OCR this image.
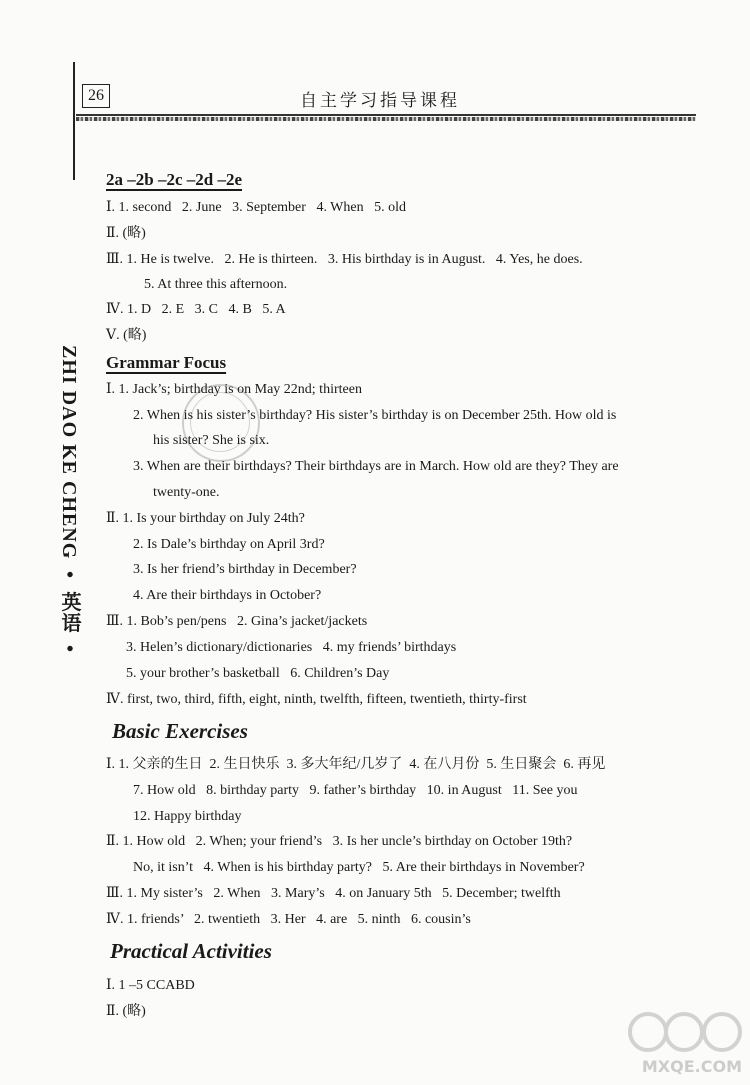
26	自主学习指导课程
ZHI DAO KE CHENG • 英语 •
2a –2b –2c –2d –2e
Ⅰ. 1. second   2. June   3. September   4. When   5. old
Ⅱ. (略)
Ⅲ. 1. He is twelve.   2. He is thirteen.   3. His birthday is in August.   4. Yes, he does.
5. At three this afternoon.
Ⅳ. 1. D   2. E   3. C   4. B   5. A
Ⅴ. (略)
Grammar Focus
Ⅰ. 1. Jack’s; birthday is on May 22nd; thirteen
2. When is his sister’s birthday? His sister’s birthday is on December 25th. How old is
his sister? She is six.
3. When are their birthdays? Their birthdays are in March. How old are they? They are
twenty-one.
Ⅱ. 1. Is your birthday on July 24th?
2. Is Dale’s birthday on April 3rd?
3. Is her friend’s birthday in December?
4. Are their birthdays in October?
Ⅲ. 1. Bob’s pen/pens   2. Gina’s jacket/jackets
3. Helen’s dictionary/dictionaries   4. my friends’ birthdays
5. your brother’s basketball   6. Children’s Day
Ⅳ. first, two, third, fifth, eight, ninth, twelfth, fifteen, twentieth, thirty-first
Basic Exercises
Ⅰ. 1. 父亲的生日  2. 生日快乐  3. 多大年纪/几岁了  4. 在八月份  5. 生日聚会  6. 再见
7. How old   8. birthday party   9. father’s birthday   10. in August   11. See you
12. Happy birthday
Ⅱ. 1. How old   2. When; your friend’s   3. Is her uncle’s birthday on October 19th?
No, it isn’t   4. When is his birthday party?   5. Are their birthdays in November?
Ⅲ. 1. My sister’s   2. When   3. Mary’s   4. on January 5th   5. December; twelfth
Ⅳ. 1. friends’   2. twentieth   3. Her   4. are   5. ninth   6. cousin’s
Practical Activities
Ⅰ. 1 –5 CCABD
Ⅱ. (略)
MXQE.COM
